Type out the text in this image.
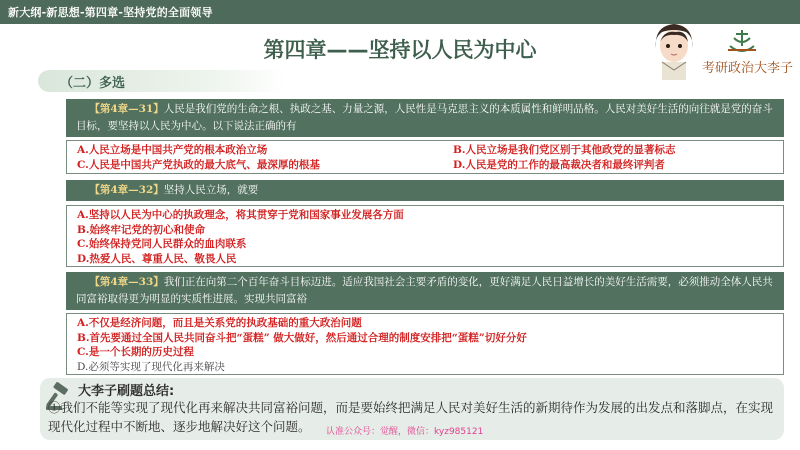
新大纲-新思想-第四章-坚持党的全面领导
第四章——坚持以人民为中心
考研政治大李子
（二）多选
【第4章—31】人民是我们党的生命之根、执政之基、力量之源，人民性是马克思主义的本质属性和鲜明品格。人民对美好生活的向往就是党的奋斗目标，要坚持以人民为中心。以下说法正确的有
A.人民立场是中国共产党的根本政治立场	B.人民立场是我们党区别于其他政党的显著标志
C.人民是中国共产党执政的最大底气、最深厚的根基	D.人民是党的工作的最高裁决者和最终评判者
【第4章—32】坚持人民立场，就要
A.坚持以人民为中心的执政理念，将其贯穿于党和国家事业发展各方面
B.始终牢记党的初心和使命
C.始终保持党同人民群众的血肉联系
D.热爱人民、尊重人民、敬畏人民
【第4章—33】我们正在向第二个百年奋斗目标迈进。适应我国社会主要矛盾的变化，更好满足人民日益增长的美好生活需要，必须推动全体人民共同富裕取得更为明显的实质性进展。实现共同富裕
A.不仅是经济问题，而且是关系党的执政基础的重大政治问题
B.首先要通过全国人民共同奋斗把“蛋糕” 做大做好，然后通过合理的制度安排把“蛋糕”切好分好
C.是一个长期的历史过程
D.必须等实现了现代化再来解决
大李子刷题总结:
①我们不能等实现了现代化再来解决共同富裕问题，而是要始终把满足人民对美好生活的新期待作为发展的出发点和落脚点，在实现现代化过程中不断地、逐步地解决好这个问题。	认准公众号：觉醒，微信：kyz985121
